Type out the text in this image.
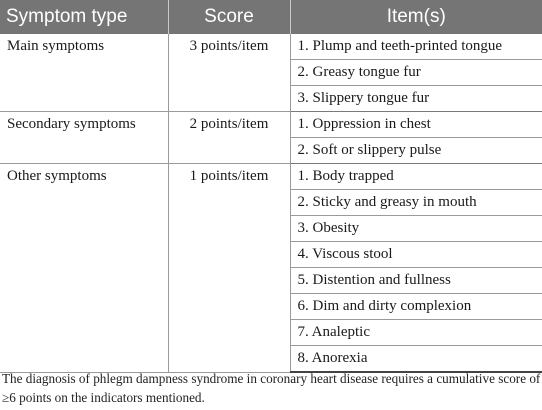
Symptom type	Score	Item(s)
Main symptoms	3 points/item	1. Plump and teeth-printed tongue
		2. Greasy tongue fur
		3. Slippery tongue fur
Secondary symptoms	2 points/item	1. Oppression in chest
		2. Soft or slippery pulse
Other symptoms	1 points/item	1. Body trapped
		2. Sticky and greasy in mouth
		3. Obesity
		4. Viscous stool
		5. Distention and fullness
		6. Dim and dirty complexion
		7. Analeptic
		8. Anorexia

The diagnosis of phlegm dampness syndrome in coronary heart disease requires a cumulative score of ≥6 points on the indicators mentioned.
